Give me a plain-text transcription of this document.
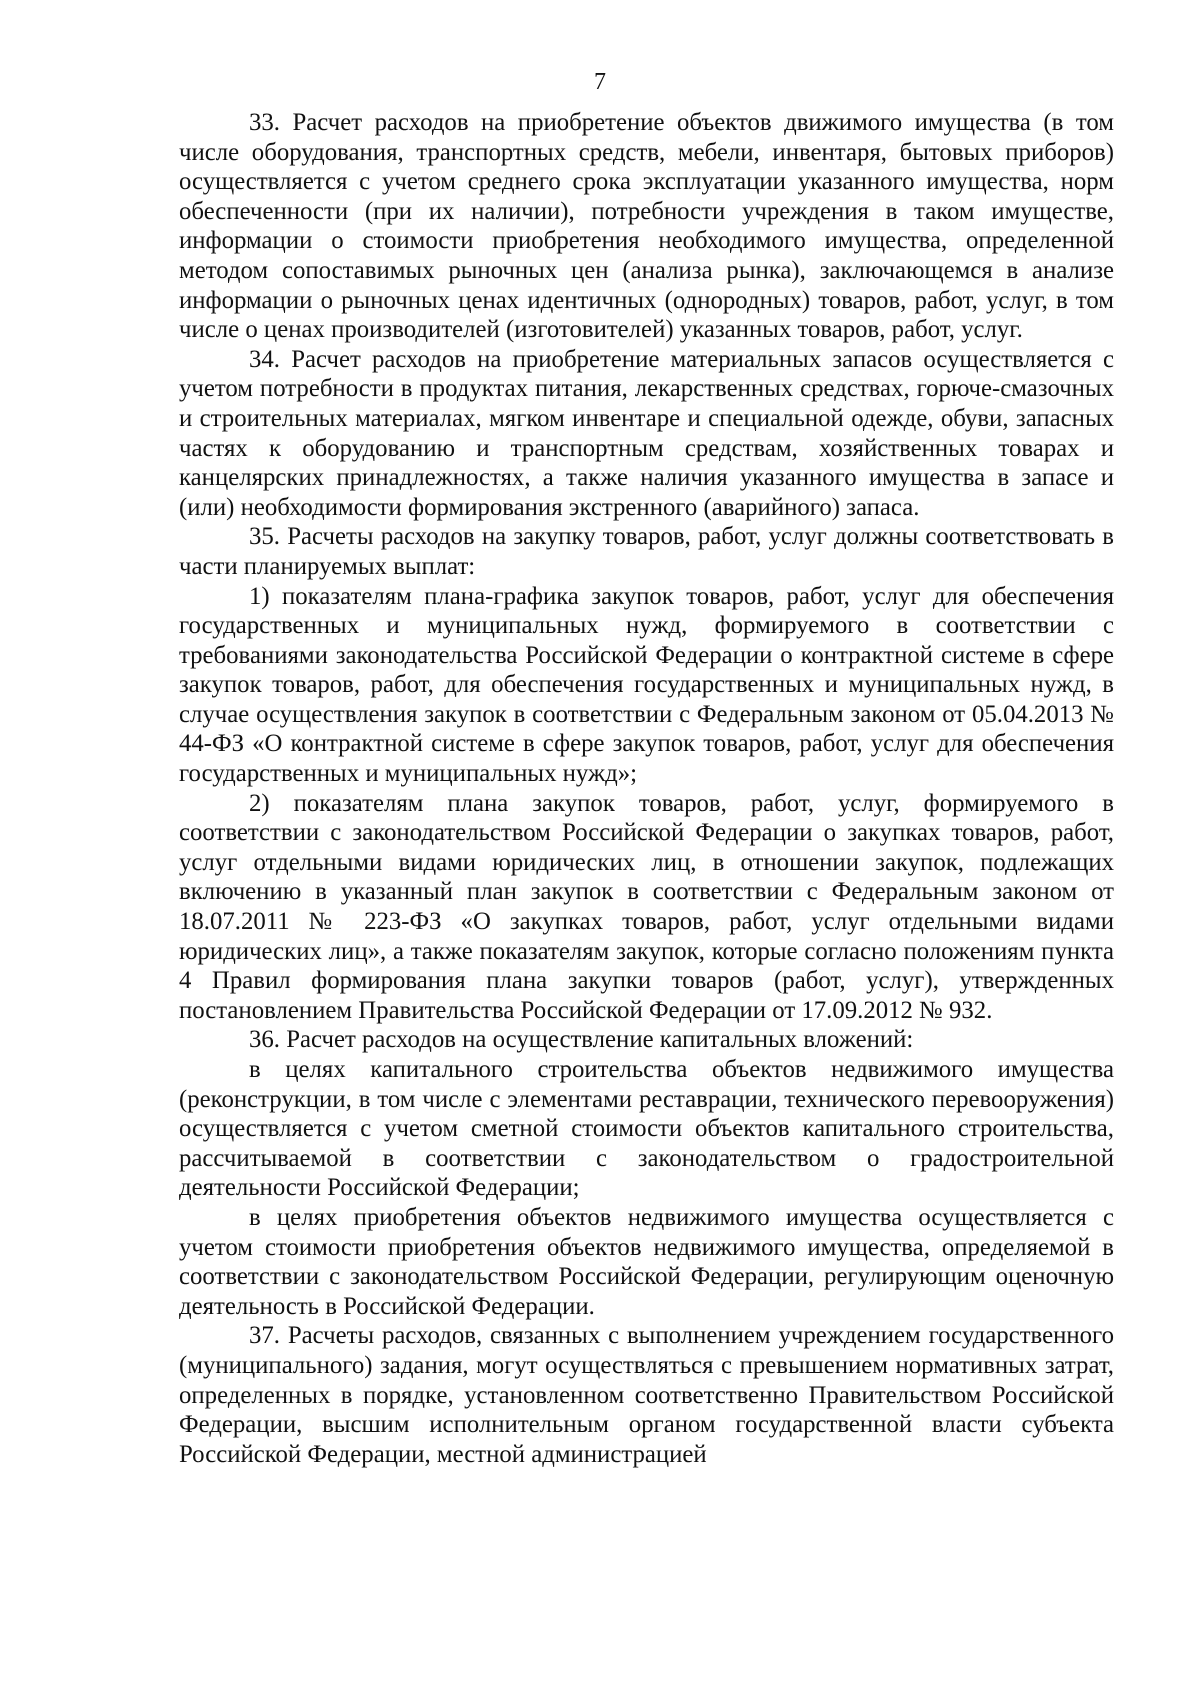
7

33. Расчет расходов на приобретение объектов движимого имущества (в том числе оборудования, транспортных средств, мебели, инвентаря, бытовых приборов) осуществляется с учетом среднего срока эксплуатации указанного имущества, норм обеспеченности (при их наличии), потребности учреждения в таком имуществе, информации о стоимости приобретения необходимого имущества, определенной методом сопоставимых рыночных цен (анализа рынка), заключающемся в анализе информации о рыночных ценах идентичных (однородных) товаров, работ, услуг, в том числе о ценах производителей (изготовителей) указанных товаров, работ, услуг.

34. Расчет расходов на приобретение материальных запасов осуществляется с учетом потребности в продуктах питания, лекарственных средствах, горюче-смазочных и строительных материалах, мягком инвентаре и специальной одежде, обуви, запасных частях к оборудованию и транспортным средствам, хозяйственных товарах и канцелярских принадлежностях, а также наличия указанного имущества в запасе и (или) необходимости формирования экстренного (аварийного) запаса.

35. Расчеты расходов на закупку товаров, работ, услуг должны соответствовать в части планируемых выплат:

1) показателям плана-графика закупок товаров, работ, услуг для обеспечения государственных и муниципальных нужд, формируемого в соответствии с требованиями законодательства Российской Федерации о контрактной системе в сфере закупок товаров, работ, для обеспечения государственных и муниципальных нужд, в случае осуществления закупок в соответствии с Федеральным законом от 05.04.2013 № 44-ФЗ «О контрактной системе в сфере закупок товаров, работ, услуг для обеспечения государственных и муниципальных нужд»;

2) показателям плана закупок товаров, работ, услуг, формируемого в соответствии с законодательством Российской Федерации о закупках товаров, работ, услуг отдельными видами юридических лиц, в отношении закупок, подлежащих включению в указанный план закупок в соответствии с Федеральным законом от 18.07.2011 № 223-ФЗ «О закупках товаров, работ, услуг отдельными видами юридических лиц», а также показателям закупок, которые согласно положениям пункта 4 Правил формирования плана закупки товаров (работ, услуг), утвержденных постановлением Правительства Российской Федерации от 17.09.2012 № 932.

36. Расчет расходов на осуществление капитальных вложений:

в целях капитального строительства объектов недвижимого имущества (реконструкции, в том числе с элементами реставрации, технического перевооружения) осуществляется с учетом сметной стоимости объектов капитального строительства, рассчитываемой в соответствии с законодательством о градостроительной деятельности Российской Федерации;

в целях приобретения объектов недвижимого имущества осуществляется с учетом стоимости приобретения объектов недвижимого имущества, определяемой в соответствии с законодательством Российской Федерации, регулирующим оценочную деятельность в Российской Федерации.

37. Расчеты расходов, связанных с выполнением учреждением государственного (муниципального) задания, могут осуществляться с превышением нормативных затрат, определенных в порядке, установленном соответственно Правительством Российской Федерации, высшим исполнительным органом государственной власти субъекта Российской Федерации, местной администрацией
